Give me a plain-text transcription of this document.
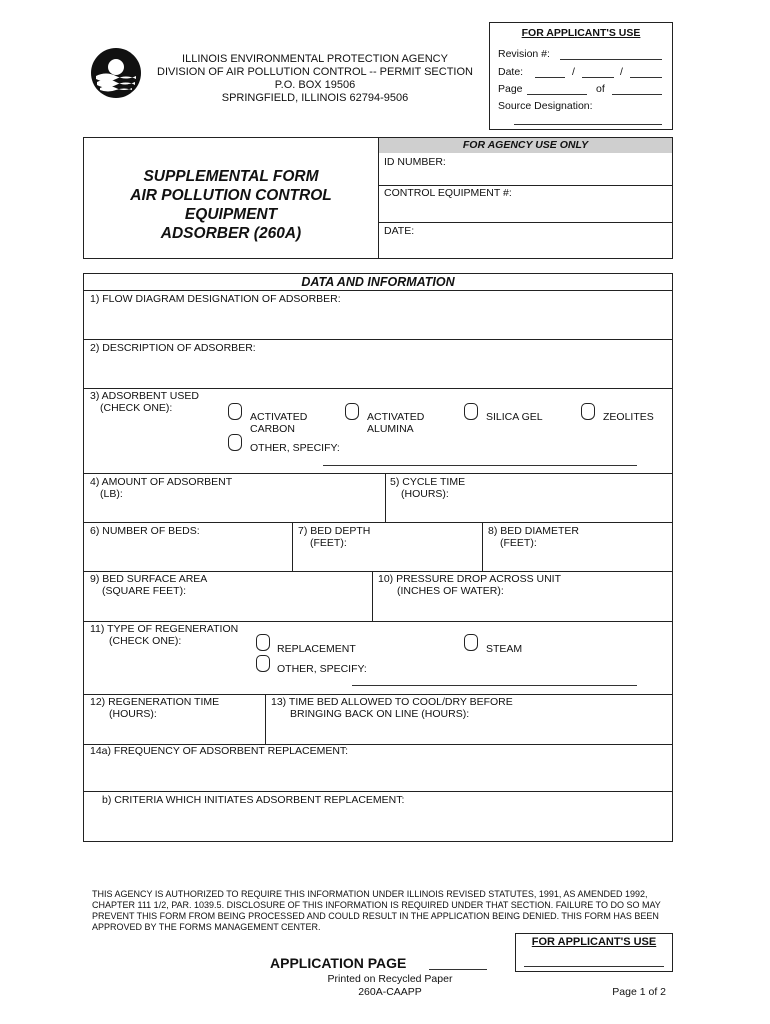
FOR APPLICANT'S USE
Revision #:
Date:	/	/
Page	of
Source Designation:
ILLINOIS ENVIRONMENTAL PROTECTION AGENCY
DIVISION OF AIR POLLUTION CONTROL -- PERMIT SECTION
P.O. BOX 19506
SPRINGFIELD, ILLINOIS 62794-9506
FOR AGENCY USE ONLY
SUPPLEMENTAL FORM
AIR POLLUTION CONTROL
EQUIPMENT
ADSORBER (260A)
ID NUMBER:
CONTROL EQUIPMENT #:
DATE:
DATA AND INFORMATION
1) FLOW DIAGRAM DESIGNATION OF ADSORBER:
2) DESCRIPTION OF ADSORBER:
3) ADSORBENT USED
(CHECK ONE):
ACTIVATED
CARBON
ACTIVATED
ALUMINA
SILICA GEL	ZEOLITES
OTHER, SPECIFY:
4) AMOUNT OF ADSORBENT
(LB):
5) CYCLE TIME
(HOURS):
6) NUMBER OF BEDS:	7) BED DEPTH
(FEET):
8) BED DIAMETER
(FEET):
9) BED SURFACE AREA
(SQUARE FEET):
10) PRESSURE DROP ACROSS UNIT
(INCHES OF WATER):
11) TYPE OF REGENERATION
(CHECK ONE):
REPLACEMENT	STEAM
OTHER, SPECIFY:
12) REGENERATION TIME
(HOURS):
13) TIME BED ALLOWED TO COOL/DRY BEFORE
BRINGING BACK ON LINE (HOURS):
14a) FREQUENCY OF ADSORBENT REPLACEMENT:
b) CRITERIA WHICH INITIATES ADSORBENT REPLACEMENT:
THIS AGENCY IS AUTHORIZED TO REQUIRE THIS INFORMATION UNDER ILLINOIS REVISED STATUTES, 1991, AS AMENDED 1992,
CHAPTER 111 1/2, PAR. 1039.5. DISCLOSURE OF THIS INFORMATION IS REQUIRED UNDER THAT SECTION. FAILURE TO DO SO MAY
PREVENT THIS FORM FROM BEING PROCESSED AND COULD RESULT IN THE APPLICATION BEING DENIED. THIS FORM HAS BEEN
APPROVED BY THE FORMS MANAGEMENT CENTER.
FOR APPLICANT'S USE
APPLICATION PAGE
Printed on Recycled Paper
260A-CAAPP	Page 1 of 2
